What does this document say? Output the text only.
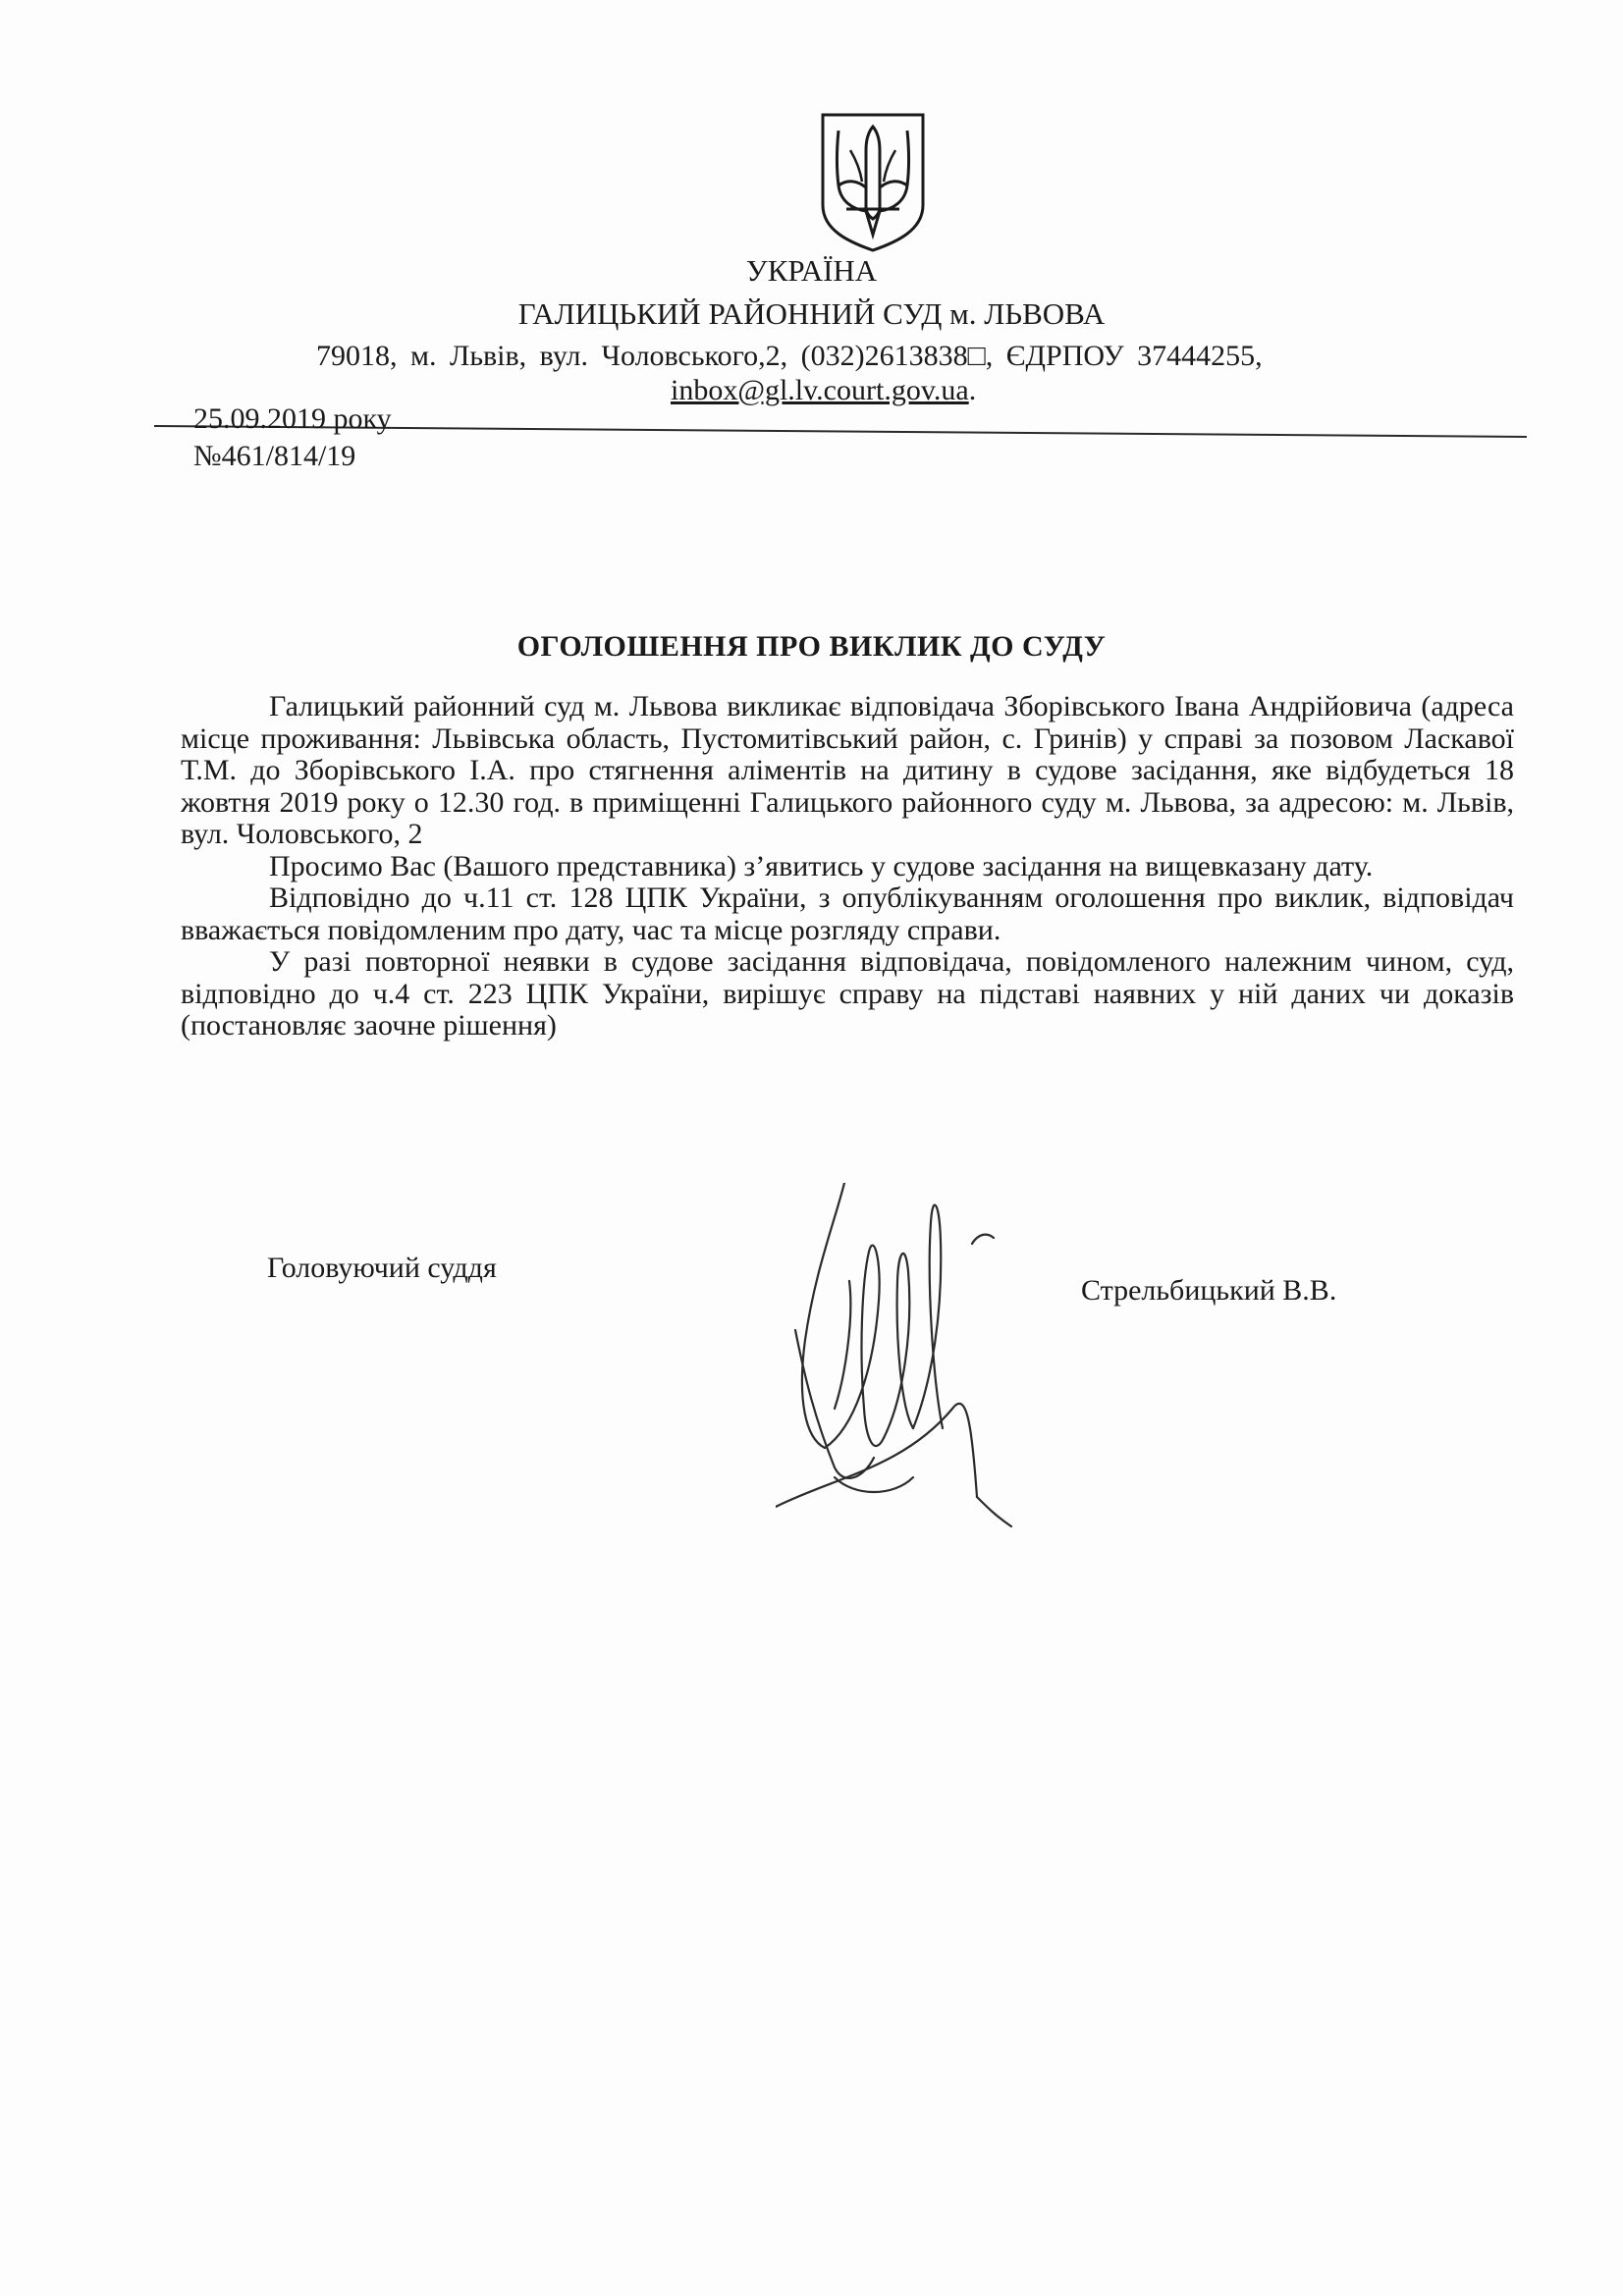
УКРАЇНА
ГАЛИЦЬКИЙ РАЙОННИЙ СУД м. ЛЬВОВА
79018, м. Львів, вул. Чоловського,2, (032)2613838□, ЄДРПОУ 37444255,
inbox@gl.lv.court.gov.ua.
25.09.2019 року
№461/814/19
ОГОЛОШЕННЯ ПРО ВИКЛИК ДО СУДУ

Галицький районний суд м. Львова викликає відповідача Зборівського Івана Андрійовича (адреса місце проживання: Львівська область, Пустомитівський район, с. Гринів) у справі за позовом Ласкавої Т.М. до Зборівського І.А. про стягнення аліментів на дитину в судове засідання, яке відбудеться 18 жовтня 2019 року о 12.30 год. в приміщенні Галицького районного суду м. Львова, за адресою: м. Львів, вул. Чоловського, 2

Просимо Вас (Вашого представника) з’явитись у судове засідання на вищевказану дату.

Відповідно до ч.11 ст. 128 ЦПК України, з опублікуванням оголошення про виклик, відповідач вважається повідомленим про дату, час та місце розгляду справи.

У разі повторної неявки в судове засідання відповідача, повідомленого належним чином, суд, відповідно до ч.4 ст. 223 ЦПК України, вирішує справу на підставі наявних у ній даних чи доказів (постановляє заочне рішення)

Головуючий суддя
Стрельбицький В.В.
